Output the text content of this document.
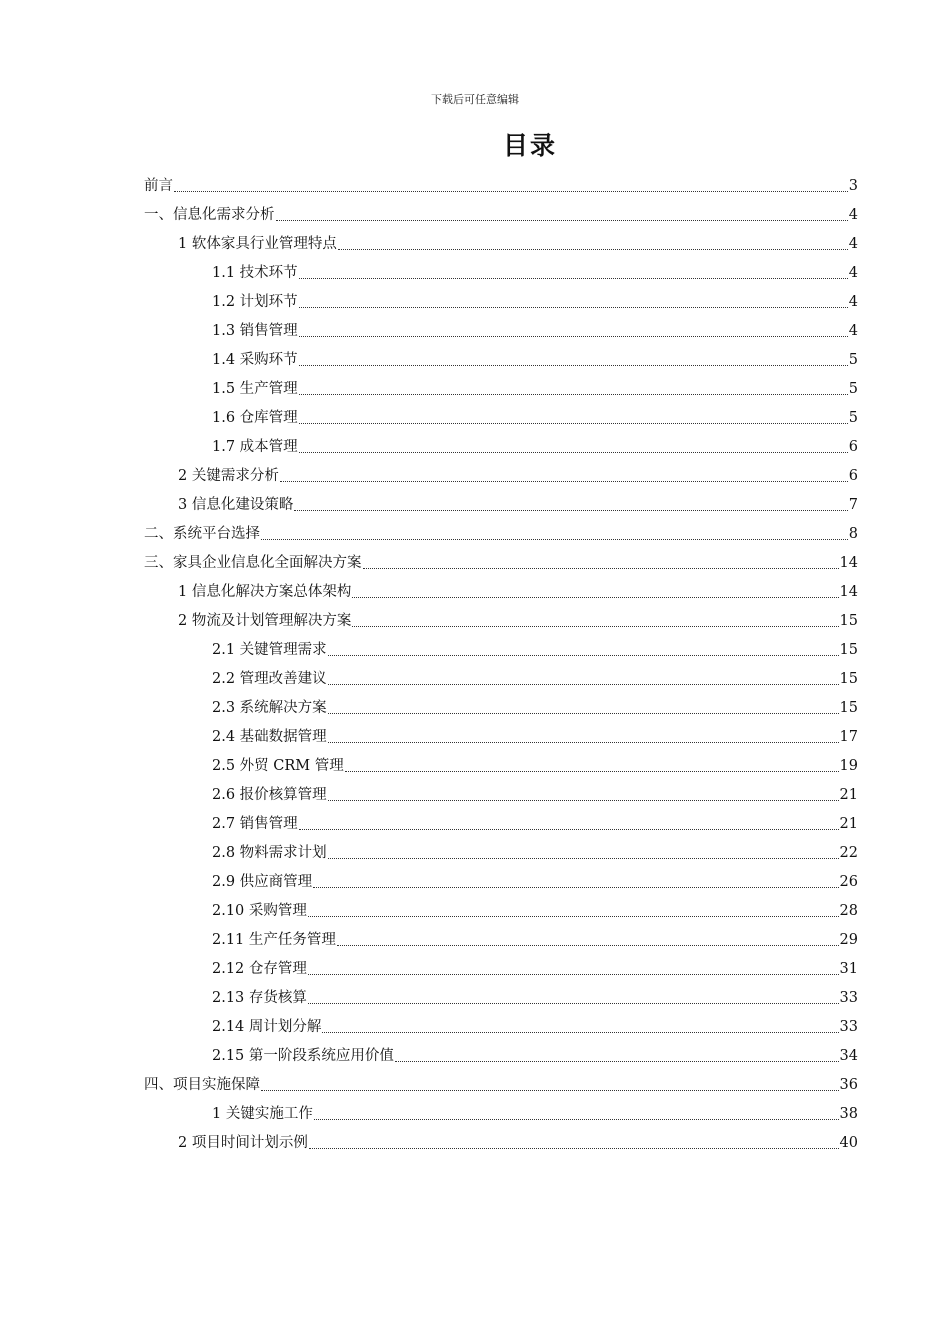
下载后可任意编辑
目录
前言	3
一、信息化需求分析	4
1 软体家具行业管理特点	4
1.1 技术环节	4
1.2 计划环节	4
1.3 销售管理	4
1.4 采购环节	5
1.5 生产管理	5
1.6 仓库管理	5
1.7 成本管理	6
2 关键需求分析	6
3 信息化建设策略	7
二、系统平台选择	8
三、家具企业信息化全面解决方案	14
1 信息化解决方案总体架构	14
2 物流及计划管理解决方案	15
2.1 关键管理需求	15
2.2 管理改善建议	15
2.3 系统解决方案	15
2.4 基础数据管理	17
2.5 外贸 CRM 管理	19
2.6 报价核算管理	21
2.7 销售管理	21
2.8 物料需求计划	22
2.9 供应商管理	26
2.10 采购管理	28
2.11 生产任务管理	29
2.12 仓存管理	31
2.13 存货核算	33
2.14 周计划分解	33
2.15 第一阶段系统应用价值	34
四、项目实施保障	36
1 关键实施工作	38
2 项目时间计划示例	40
